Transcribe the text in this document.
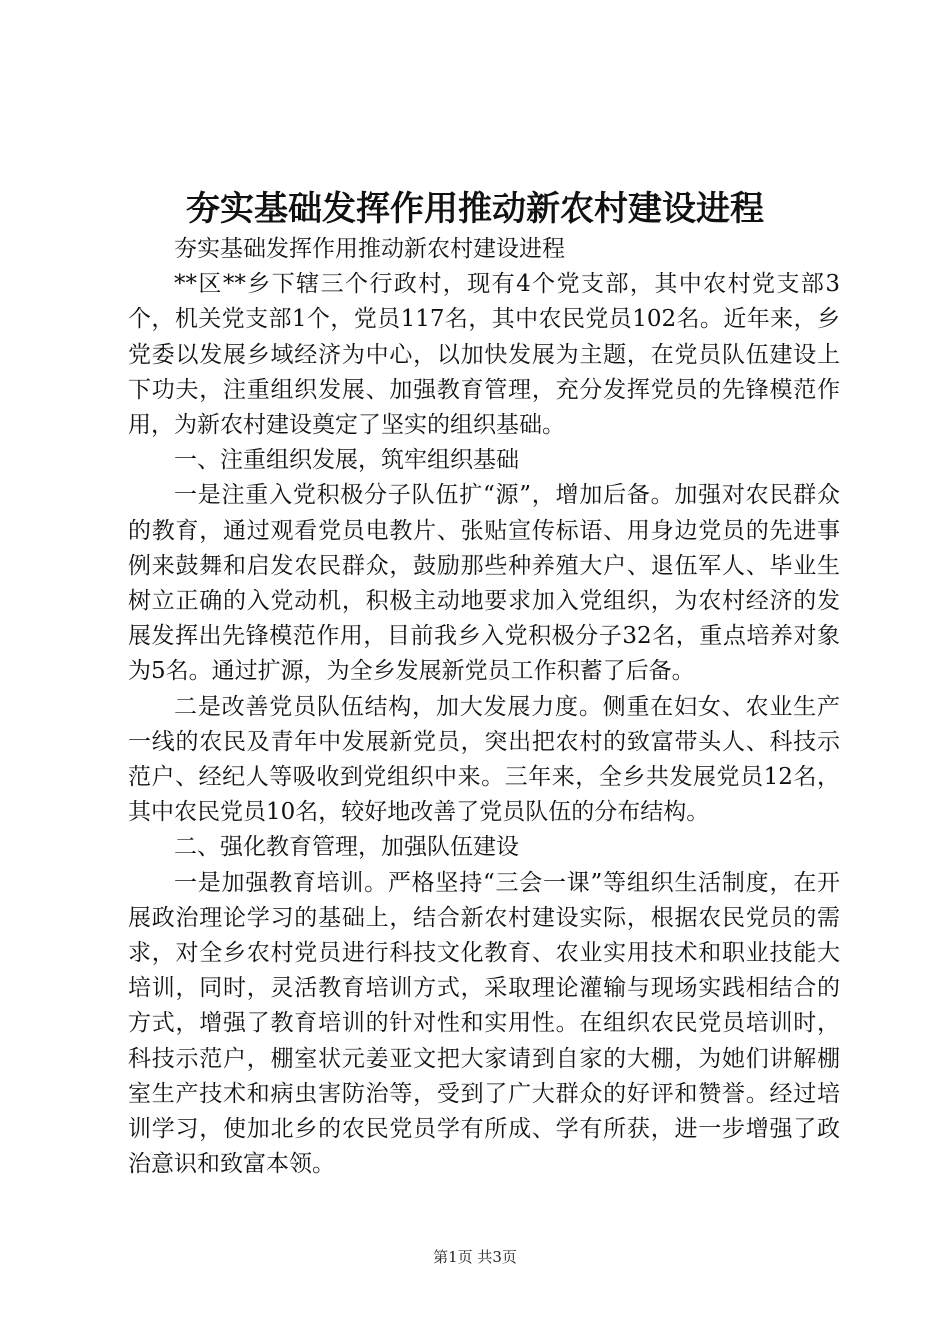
夯实基础发挥作用推动新农村建设进程

夯实基础发挥作用推动新农村建设进程

**区**乡下辖三个行政村，现有4个党支部，其中农村党支部3个，机关党支部1个，党员117名，其中农民党员102名。近年来，乡党委以发展乡域经济为中心，以加快发展为主题，在党员队伍建设上下功夫，注重组织发展、加强教育管理，充分发挥党员的先锋模范作用，为新农村建设奠定了坚实的组织基础。

一、注重组织发展，筑牢组织基础

一是注重入党积极分子队伍扩“源”，增加后备。加强对农民群众的教育，通过观看党员电教片、张贴宣传标语、用身边党员的先进事例来鼓舞和启发农民群众，鼓励那些种养殖大户、退伍军人、毕业生树立正确的入党动机，积极主动地要求加入党组织，为农村经济的发展发挥出先锋模范作用，目前我乡入党积极分子32名，重点培养对象为5名。通过扩源，为全乡发展新党员工作积蓄了后备。

二是改善党员队伍结构，加大发展力度。侧重在妇女、农业生产一线的农民及青年中发展新党员，突出把农村的致富带头人、科技示范户、经纪人等吸收到党组织中来。三年来，全乡共发展党员12名，其中农民党员10名，较好地改善了党员队伍的分布结构。

二、强化教育管理，加强队伍建设

一是加强教育培训。严格坚持“三会一课”等组织生活制度，在开展政治理论学习的基础上，结合新农村建设实际，根据农民党员的需求，对全乡农村党员进行科技文化教育、农业实用技术和职业技能大培训，同时，灵活教育培训方式，采取理论灌输与现场实践相结合的方式，增强了教育培训的针对性和实用性。在组织农民党员培训时，科技示范户，棚室状元姜亚文把大家请到自家的大棚，为她们讲解棚室生产技术和病虫害防治等，受到了广大群众的好评和赞誉。经过培训学习，使加北乡的农民党员学有所成、学有所获，进一步增强了政治意识和致富本领。

第1页 共3页
